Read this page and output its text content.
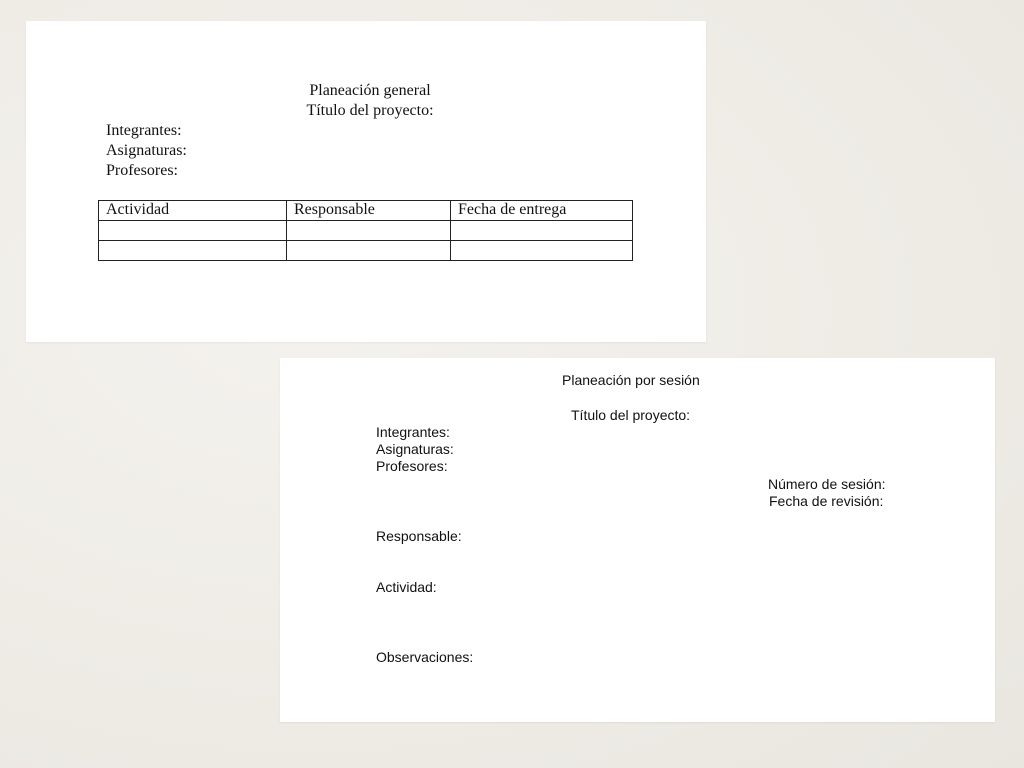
Planeación general
Título del proyecto:
Integrantes:
Asignaturas:
Profesores:
Actividad	Responsable	Fecha de entrega

Planeación por sesión
Título del proyecto:
Integrantes:
Asignaturas:
Profesores:
Número de sesión:
Fecha de revisión:
Responsable:
Actividad:
Observaciones:
